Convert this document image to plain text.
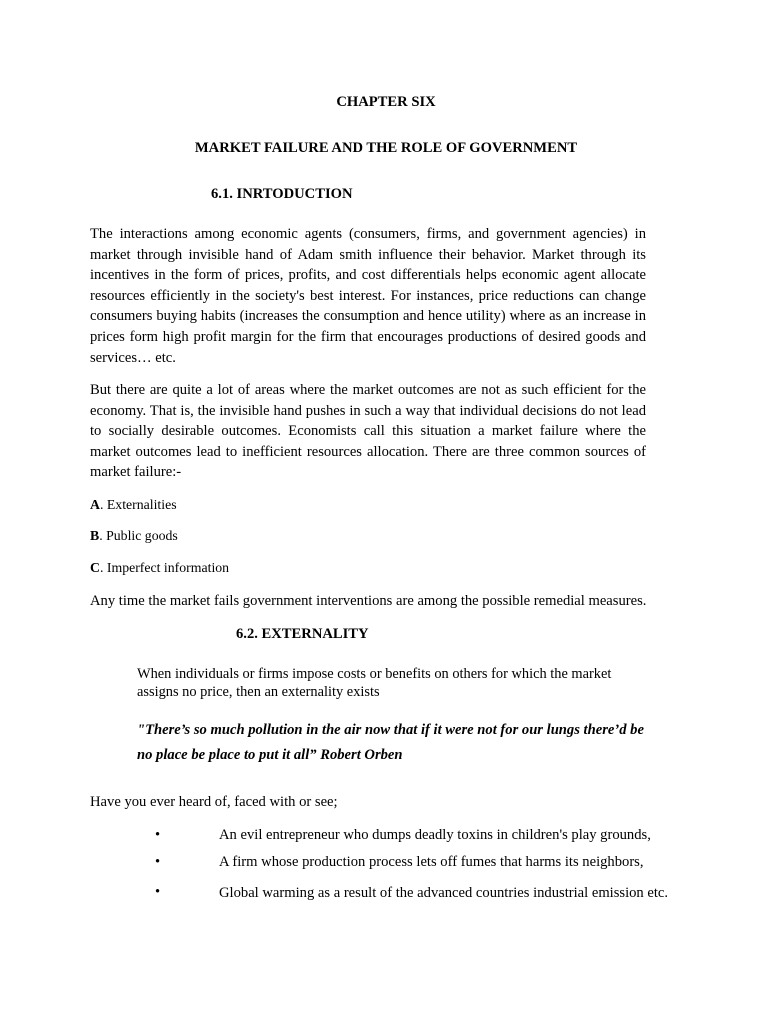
CHAPTER SIX
MARKET FAILURE AND THE ROLE OF GOVERNMENT
6.1. INRTODUCTION

The interactions among economic agents (consumers, firms, and government agencies) in market through invisible hand of Adam smith influence their behavior. Market through its incentives in the form of prices, profits, and cost differentials helps economic agent allocate resources efficiently in the society's best interest. For instances, price reductions can change consumers buying habits (increases the consumption and hence utility) where as an increase in prices form high profit margin for the firm that encourages productions of desired goods and services… etc.

But there are quite a lot of areas where the market outcomes are not as such efficient for the economy. That is, the invisible hand pushes in such a way that individual decisions do not lead to socially desirable outcomes. Economists call this situation a market failure where the market outcomes lead to inefficient resources allocation. There are three common sources of market failure:-

A. Externalities
B. Public goods
C. Imperfect information
Any time the market fails government interventions are among the possible remedial measures.
6.2. EXTERNALITY

When individuals or firms impose costs or benefits on others for which the market assigns no price, then an externality exists

"There’s so much pollution in the air now that if it were not for our lungs there’d be
no place be place to put it all” Robert Orben
Have you ever heard of, faced with or see;
•	An evil entrepreneur who dumps deadly toxins in children's play grounds,
•	A firm whose production process lets off fumes that harms its neighbors,
•	Global warming as a result of the advanced countries industrial emission etc.
